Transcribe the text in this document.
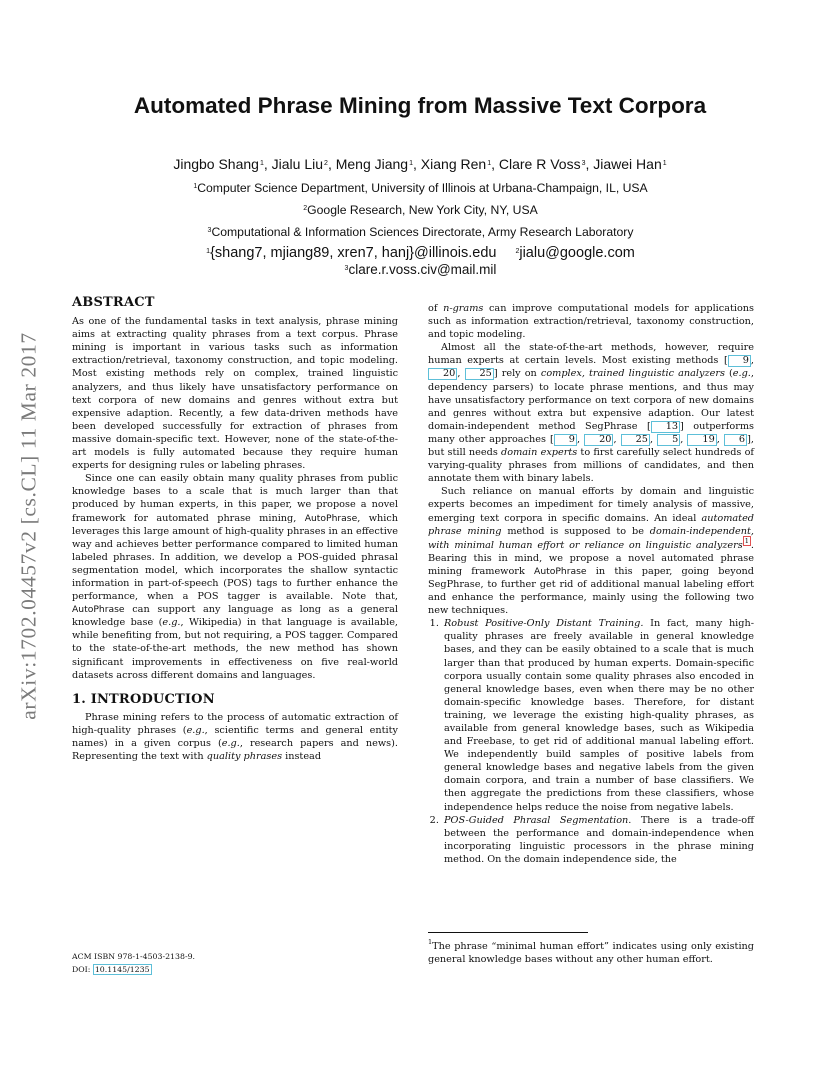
arXiv:1702.04457v2 [cs.CL] 11 Mar 2017
Automated Phrase Mining from Massive Text Corpora
Jingbo Shang$^1$, Jialu Liu$^2$, Meng Jiang$^1$, Xiang Ren$^1$, Clare R Voss$^3$, Jiawei Han$^1$
$^1$Computer Science Department, University of Illinois at Urbana-Champaign, IL, USA
$^2$Google Research, New York City, NY, USA
$^3$Computational & Information Sciences Directorate, Army Research Laboratory
$^1${shang7, mjiang89, xren7, hanj}@illinois.edu	$^2$jialu@google.com
$^3$clare.r.voss.civ@mail.mil
ABSTRACT

As one of the fundamental tasks in text analysis, phrase mining aims at extracting quality phrases from a text corpus. Phrase mining is important in various tasks such as information extraction/retrieval, taxonomy construction, and topic modeling. Most existing methods rely on complex, trained linguistic analyzers, and thus likely have unsatisfactory performance on text corpora of new domains and genres without extra but expensive adaption. Recently, a few data-driven methods have been developed successfully for extraction of phrases from massive domain-specific text. However, none of the state-of-the-art models is fully automated because they require human experts for designing rules or labeling phrases.

Since one can easily obtain many quality phrases from public knowledge bases to a scale that is much larger than that produced by human experts, in this paper, we propose a novel framework for automated phrase mining, AutoPhrase, which leverages this large amount of high-quality phrases in an effective way and achieves better performance compared to limited human labeled phrases. In addition, we develop a POS-guided phrasal segmentation model, which incorporates the shallow syntactic information in part-of-speech (POS) tags to further enhance the performance, when a POS tagger is available. Note that, AutoPhrase can support any language as long as a general knowledge base (e.g., Wikipedia) in that language is available, while benefiting from, but not requiring, a POS tagger. Compared to the state-of-the-art methods, the new method has shown significant improvements in effectiveness on five real-world datasets across different domains and languages.

1. INTRODUCTION

Phrase mining refers to the process of automatic extraction of high-quality phrases (e.g., scientific terms and general entity names) in a given corpus (e.g., research papers and news). Representing the text with quality phrases instead

of n-grams can improve computational models for applications such as information extraction/retrieval, taxonomy construction, and topic modeling.

Almost all the state-of-the-art methods, however, require human experts at certain levels. Most existing methods [ 9 , 20 , 25 ] rely on complex, trained linguistic analyzers (e.g., dependency parsers) to locate phrase mentions, and thus may have unsatisfactory performance on text corpora of new domains and genres without extra but expensive adaption. Our latest domain-independent method SegPhrase [ 13 ] outperforms many other approaches [ 9 , 20 , 25 , 5 , 19 , 6 ], but still needs domain experts to first carefully select hundreds of varying-quality phrases from millions of candidates, and then annotate them with binary labels.

Such reliance on manual efforts by domain and linguistic experts becomes an impediment for timely analysis of massive, emerging text corpora in specific domains. An ideal automated phrase mining method is supposed to be domain-independent, with minimal human effort or reliance on linguistic analyzers $^1$ . Bearing this in mind, we propose a novel automated phrase mining framework AutoPhrase in this paper, going beyond SegPhrase, to further get rid of additional manual labeling effort and enhance the performance, mainly using the following two new techniques.

1. Robust Positive-Only Distant Training. In fact, many high-quality phrases are freely available in general knowledge bases, and they can be easily obtained to a scale that is much larger than that produced by human experts. Domain-specific corpora usually contain some quality phrases also encoded in general knowledge bases, even when there may be no other domain-specific knowledge bases. Therefore, for distant training, we leverage the existing high-quality phrases, as available from general knowledge bases, such as Wikipedia and Freebase, to get rid of additional manual labeling effort. We independently build samples of positive labels from general knowledge bases and negative labels from the given domain corpora, and train a number of base classifiers. We then aggregate the predictions from these classifiers, whose independence helps reduce the noise from negative labels.
2. POS-Guided Phrasal Segmentation. There is a trade-off between the performance and domain-independence when incorporating linguistic processors in the phrase mining method. On the domain independence side, the
ACM ISBN 978-1-4503-2138-9.
DOI: 10.1145/1235
$^1$The phrase “minimal human effort” indicates using only existing general knowledge bases without any other human effort.
